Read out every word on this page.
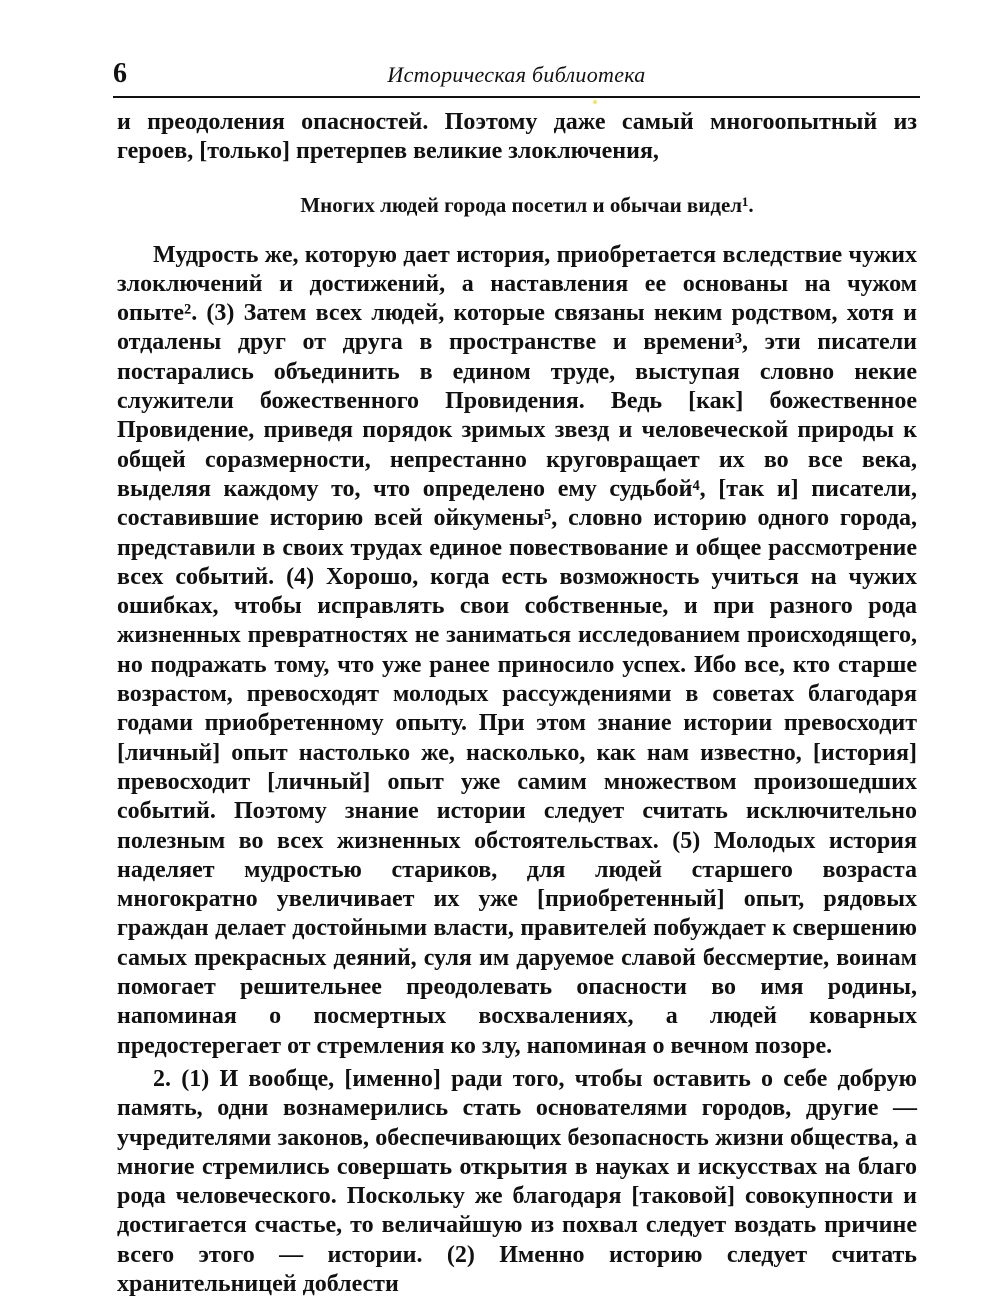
6	Историческая библиотека

и преодоления опасностей. Поэтому даже самый многоопытный из героев, [только] претерпев великие злоключения,

Многих людей города посетил и обычаи видел¹.

Мудрость же, которую дает история, приобретается вследствие чужих злоключений и достижений, а наставления ее основаны на чужом опыте². (3) Затем всех людей, которые связаны неким родством, хотя и отдалены друг от друга в пространстве и времени³, эти писатели постарались объединить в едином труде, выступая словно некие служители божественного Провидения. Ведь [как] божественное Провидение, приведя порядок зримых звезд и человеческой природы к общей соразмерности, непрестанно круговращает их во все века, выделяя каждому то, что определено ему судьбой⁴, [так и] писатели, составившие историю всей ойкумены⁵, словно историю одного города, представили в своих трудах единое повествование и общее рассмотрение всех событий. (4) Хорошо, когда есть возможность учиться на чужих ошибках, чтобы исправлять свои собственные, и при разного рода жизненных превратностях не заниматься исследованием происходящего, но подражать тому, что уже ранее приносило успех. Ибо все, кто старше возрастом, превосходят молодых рассуждениями в советах благодаря годами приобретенному опыту. При этом знание истории превосходит [личный] опыт настолько же, насколько, как нам известно, [история] превосходит [личный] опыт уже самим множеством произошедших событий. Поэтому знание истории следует считать исключительно полезным во всех жизненных обстоятельствах. (5) Молодых история наделяет мудростью стариков, для людей старшего возраста многократно увеличивает их уже [приобретенный] опыт, рядовых граждан делает достойными власти, правителей побуждает к свершению самых прекрасных деяний, суля им даруемое славой бессмертие, воинам помогает решительнее преодолевать опасности во имя родины, напоминая о посмертных восхвалениях, а людей коварных предостерегает от стремления ко злу, напоминая о вечном позоре.

2. (1) И вообще, [именно] ради того, чтобы оставить о себе добрую память, одни вознамерились стать основателями городов, другие — учредителями законов, обеспечивающих безопасность жизни общества, а многие стремились совершать открытия в науках и искусствах на благо рода человеческого. Поскольку же благодаря [таковой] совокупности и достигается счастье, то величайшую из похвал следует воздать причине всего этого — истории. (2) Именно историю следует считать хранительницей доблести
